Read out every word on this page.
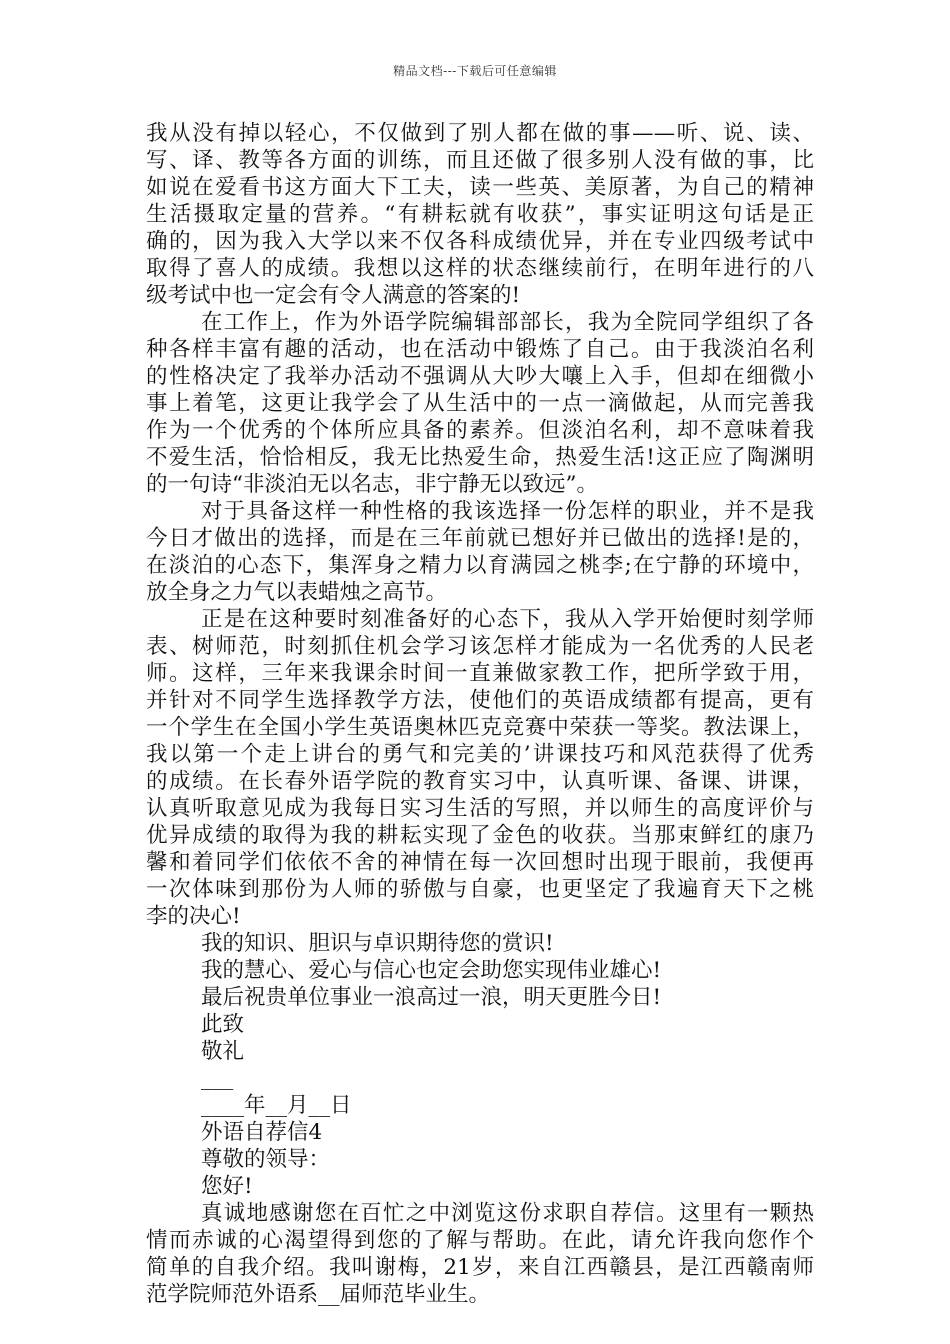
精品文档---下载后可任意编辑
我从没有掉以轻心，不仅做到了别人都在做的事——听、说、读、
写、译、教等各方面的训练，而且还做了很多别人没有做的事，比
如说在爱看书这方面大下工夫，读一些英、美原著，为自己的精神
生活摄取定量的营养。“有耕耘就有收获”，事实证明这句话是正
确的，因为我入大学以来不仅各科成绩优异，并在专业四级考试中
取得了喜人的成绩。我想以这样的状态继续前行，在明年进行的八
级考试中也一定会有令人满意的答案的!
在工作上，作为外语学院编辑部部长，我为全院同学组织了各
种各样丰富有趣的活动，也在活动中锻炼了自己。由于我淡泊名利
的性格决定了我举办活动不强调从大吵大嚷上入手，但却在细微小
事上着笔，这更让我学会了从生活中的一点一滴做起，从而完善我
作为一个优秀的个体所应具备的素养。但淡泊名利，却不意味着我
不爱生活，恰恰相反，我无比热爱生命，热爱生活!这正应了陶渊明
的一句诗“非淡泊无以名志，非宁静无以致远”。
对于具备这样一种性格的我该选择一份怎样的职业，并不是我
今日才做出的选择，而是在三年前就已想好并已做出的选择!是的，
在淡泊的心态下，集浑身之精力以育满园之桃李;在宁静的环境中，
放全身之力气以表蜡烛之高节。
正是在这种要时刻准备好的心态下，我从入学开始便时刻学师
表、树师范，时刻抓住机会学习该怎样才能成为一名优秀的人民老
师。这样，三年来我课余时间一直兼做家教工作，把所学致于用，
并针对不同学生选择教学方法，使他们的英语成绩都有提高，更有
一个学生在全国小学生英语奥林匹克竞赛中荣获一等奖。教法课上，
我以第一个走上讲台的勇气和完美的’讲课技巧和风范获得了优秀
的成绩。在长春外语学院的教育实习中，认真听课、备课、讲课，
认真听取意见成为我每日实习生活的写照，并以师生的高度评价与
优异成绩的取得为我的耕耘实现了金色的收获。当那束鲜红的康乃
馨和着同学们依依不舍的神情在每一次回想时出现于眼前，我便再
一次体味到那份为人师的骄傲与自豪，也更坚定了我遍育天下之桃
李的决心!
我的知识、胆识与卓识期待您的赏识!
我的慧心、爱心与信心也定会助您实现伟业雄心!
最后祝贵单位事业一浪高过一浪，明天更胜今日!
此致
敬礼
___
____年__月__日
外语自荐信4
尊敬的领导：
您好!
真诚地感谢您在百忙之中浏览这份求职自荐信。这里有一颗热
情而赤诚的心渴望得到您的了解与帮助。在此，请允许我向您作个
简单的自我介绍。我叫谢梅，21岁，来自江西赣县，是江西赣南师
范学院师范外语系__届师范毕业生。
